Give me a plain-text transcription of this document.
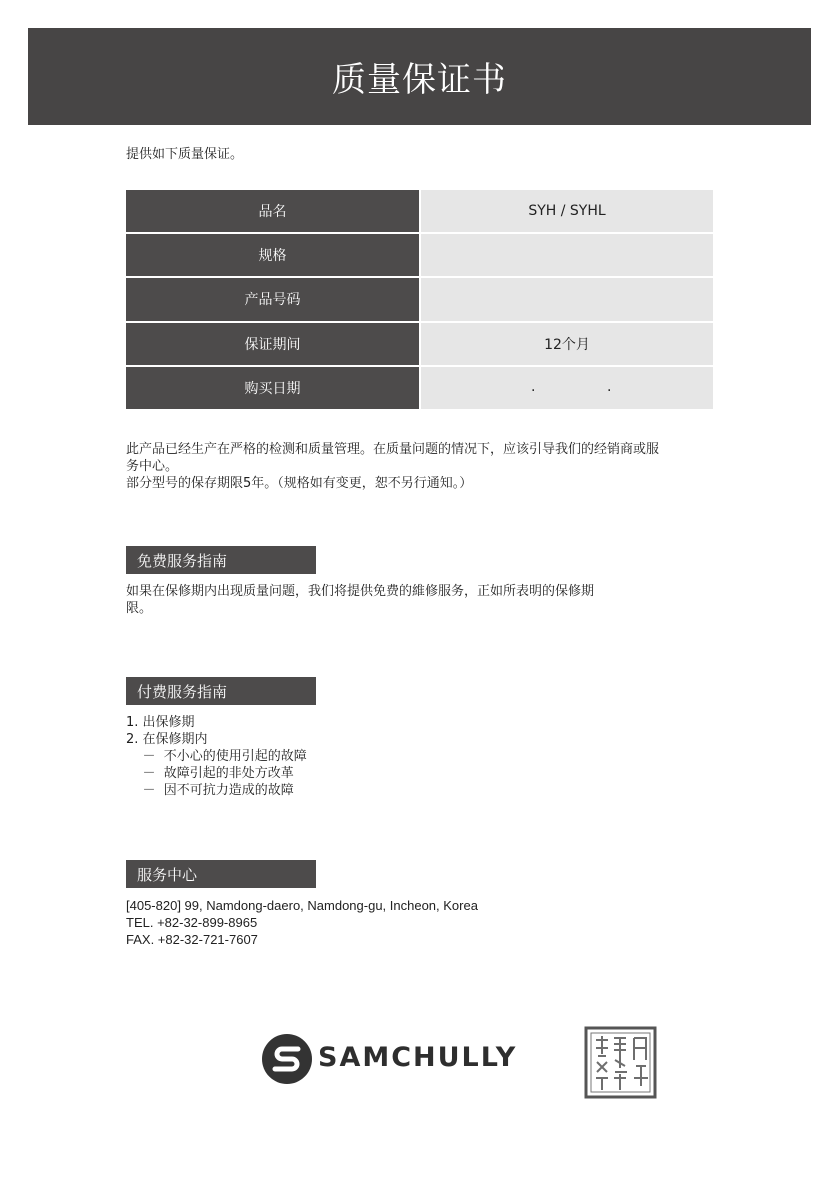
质量保证书
提供如下质量保证。
品名	SYH / SYHL
规格	
产品号码	
保证期间	12个月
购买日期	. .

此产品已经生产在严格的检测和质量管理。在质量问题的情况下，应该引导我们的经销商或服

务中心。

部分型号的保存期限5年。（规格如有变更，恕不另行通知。）

免费服务指南

如果在保修期内出现质量问题，我们将提供免费的維修服务，正如所表明的保修期

限。

付费服务指南
1. 出保修期
2. 在保修期内
－  不小心的使用引起的故障
－  故障引起的非处方改革
－  因不可抗力造成的故障
服务中心
[405-820] 99, Namdong-daero, Namdong-gu, Incheon, Korea
TEL. +82-32-899-8965
FAX. +82-32-721-7607
SAMCHULLY
